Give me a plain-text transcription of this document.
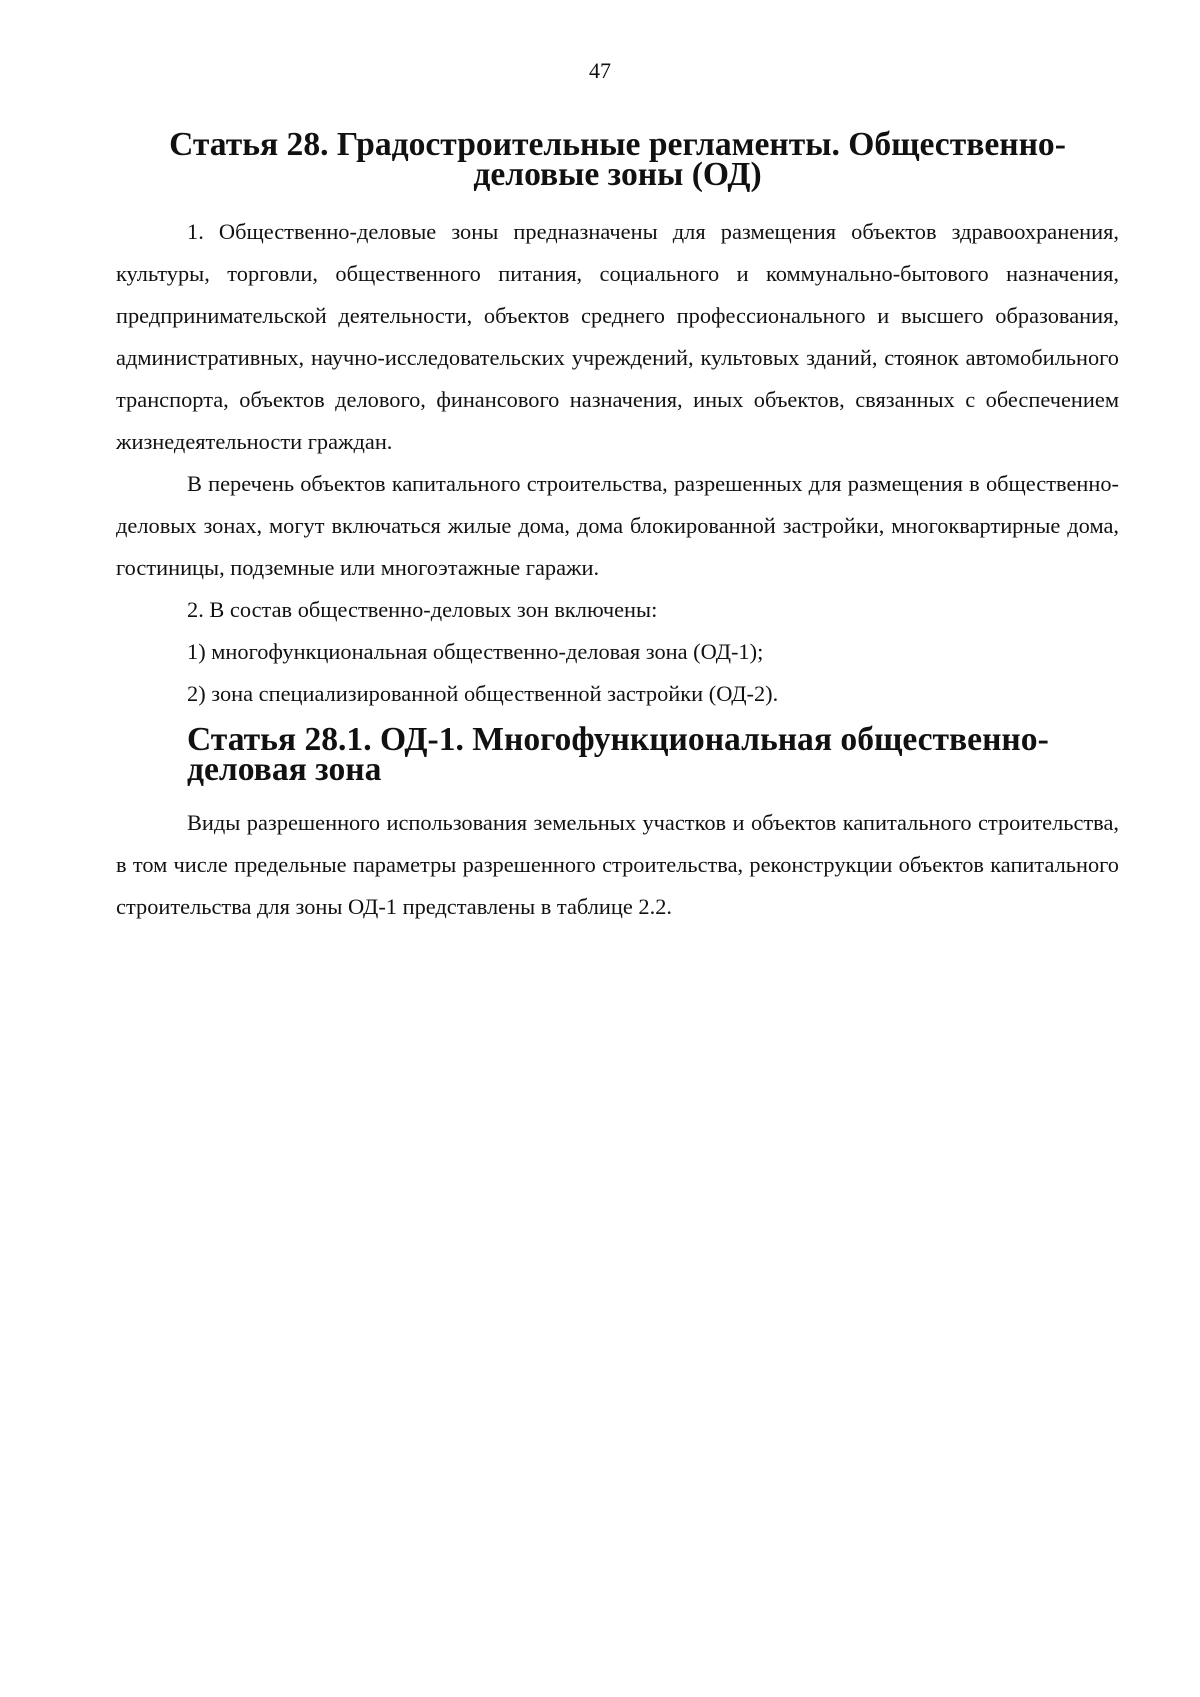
47
Статья 28. Градостроительные регламенты. Общественно-деловые зоны (ОД)

1. Общественно-деловые зоны предназначены для размещения объектов здравоохранения, культуры, торговли, общественного питания, социального и коммунально-бытового назначения, предпринимательской деятельности, объектов среднего профессионального и высшего образования, административных, научно-исследовательских учреждений, культовых зданий, стоянок автомобильного транспорта, объектов делового, финансового назначения, иных объектов, связанных с обеспечением жизнедеятельности граждан.

В перечень объектов капитального строительства, разрешенных для размещения в общественно-деловых зонах, могут включаться жилые дома, дома блокированной застройки, многоквартирные дома, гостиницы, подземные или многоэтажные гаражи.

2. В состав общественно-деловых зон включены:

1) многофункциональная общественно-деловая зона (ОД-1);

2) зона специализированной общественной застройки (ОД-2).

Статья 28.1. ОД-1. Многофункциональная общественно-деловая зона

Виды разрешенного использования земельных участков и объектов капитального строительства, в том числе предельные параметры разрешенного строительства, реконструкции объектов капитального строительства для зоны ОД-1 представлены в таблице 2.2.
